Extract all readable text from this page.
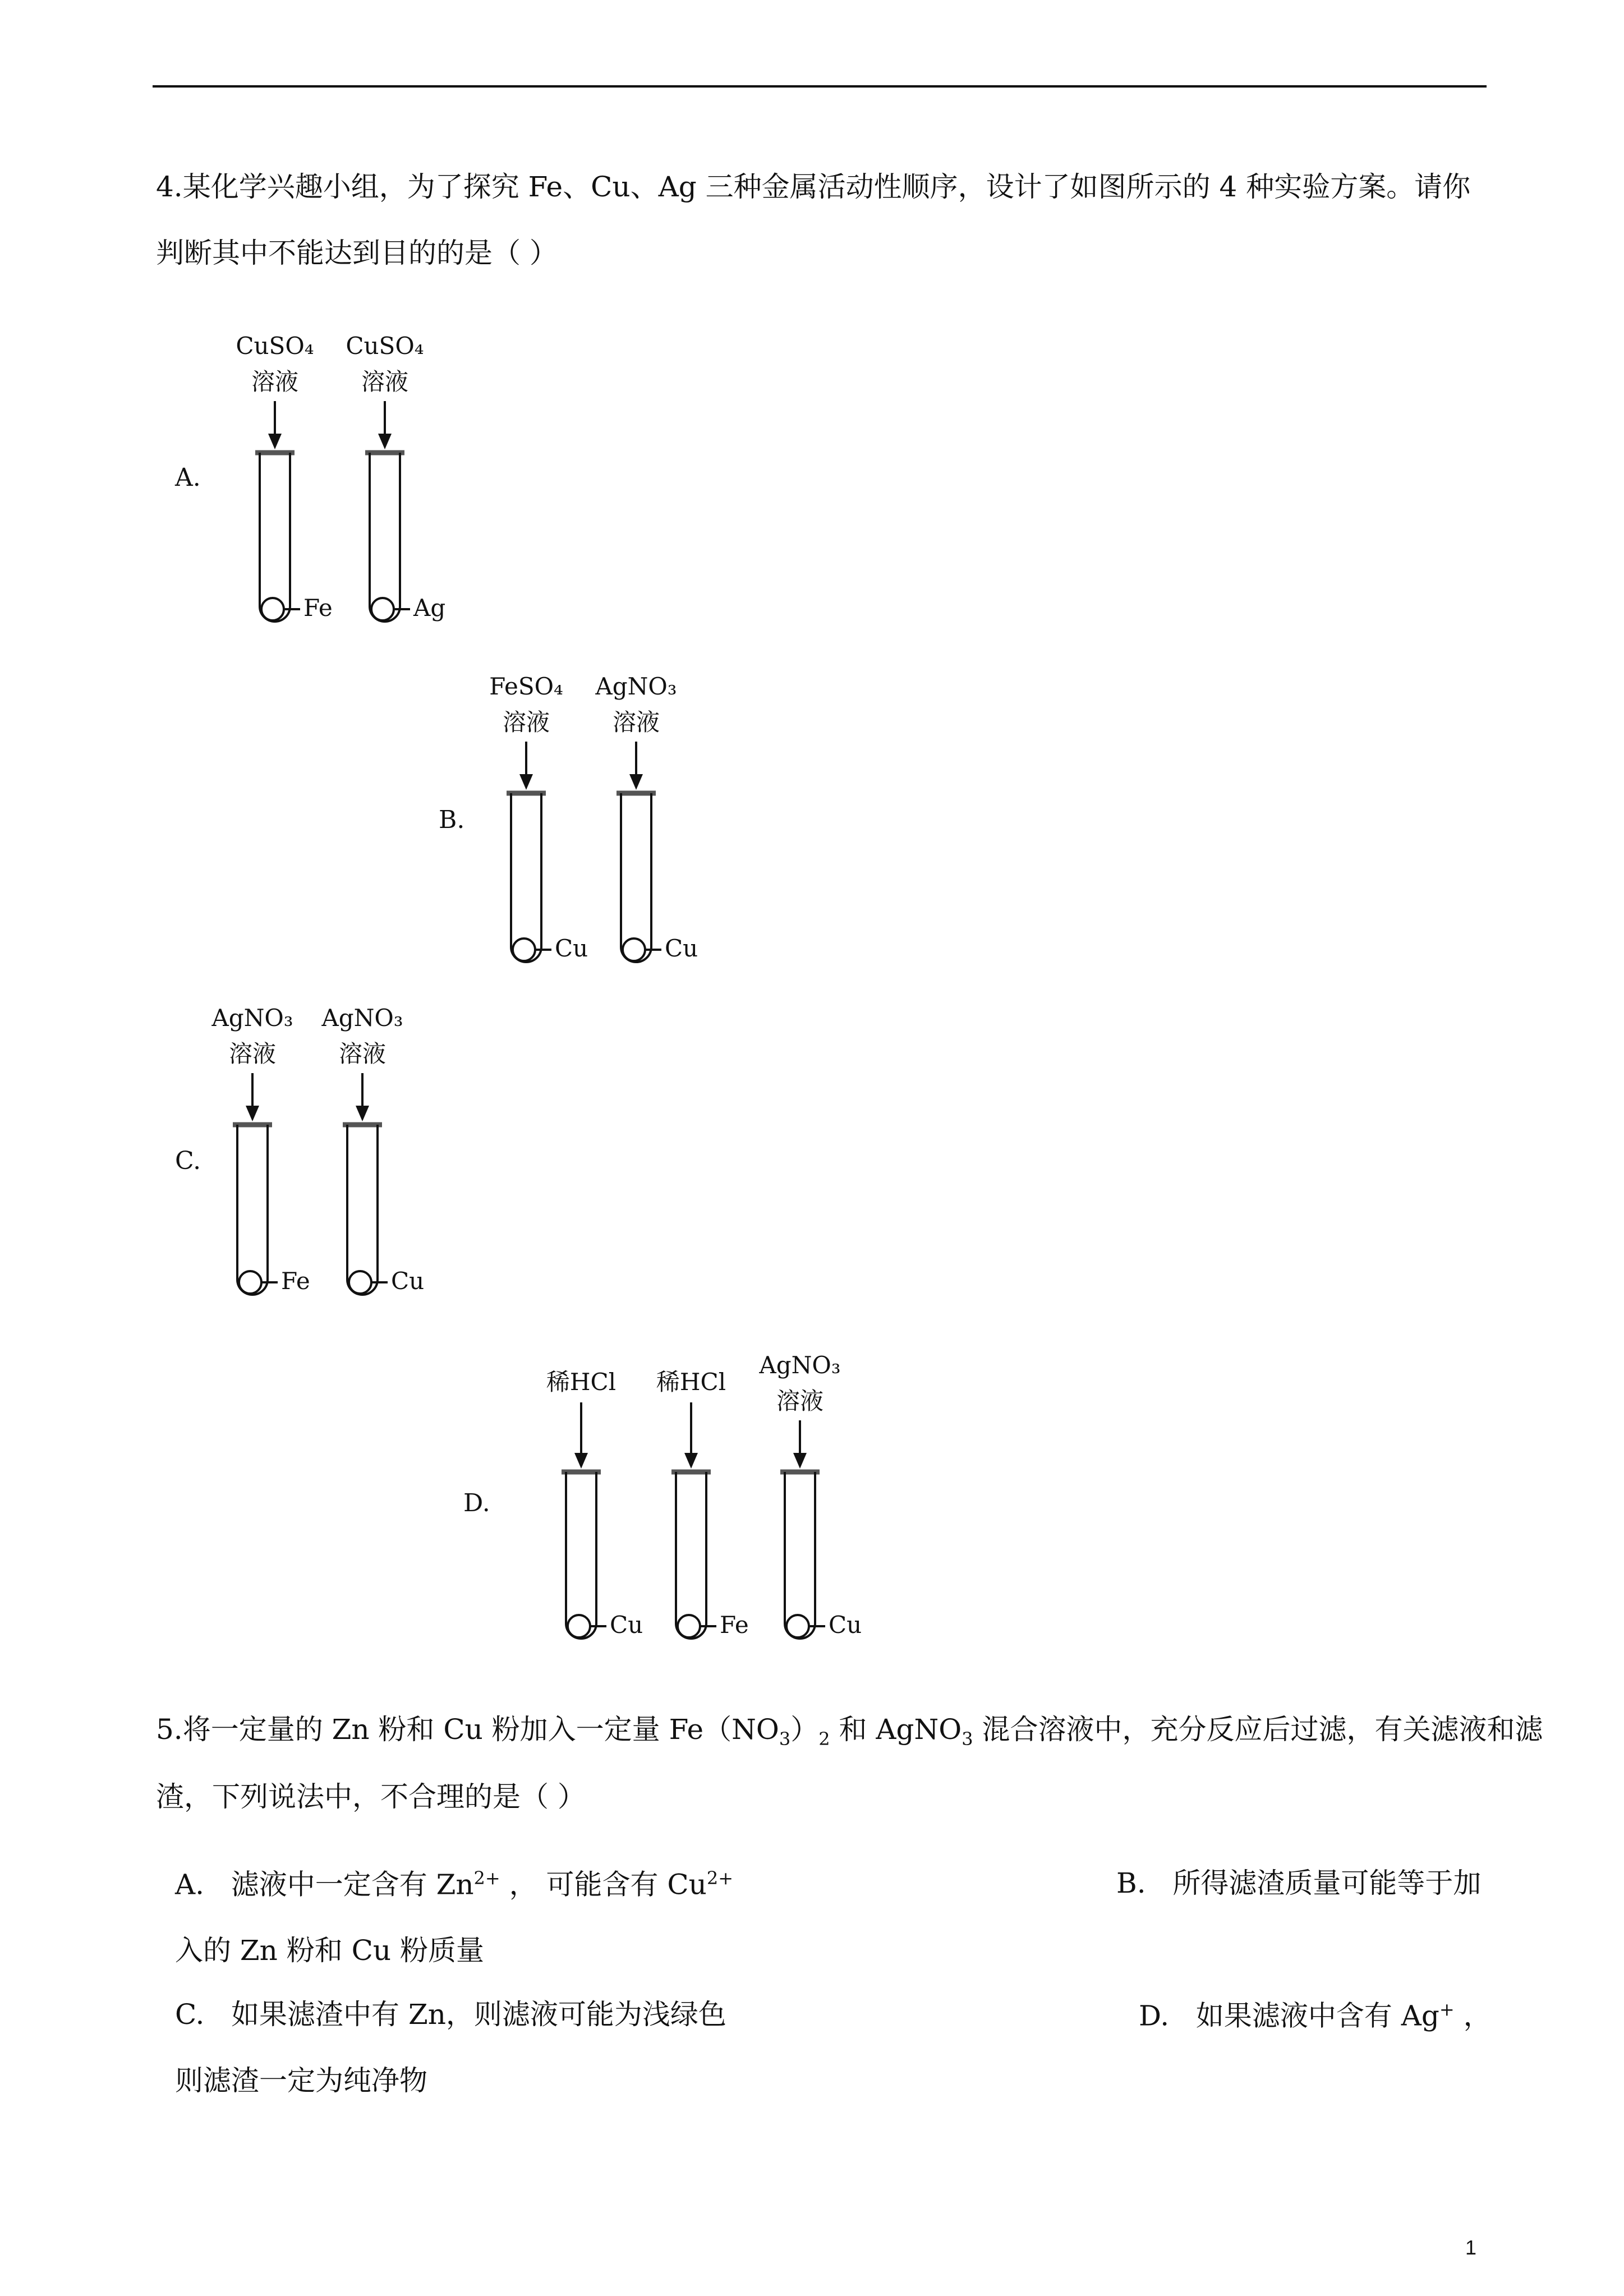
4.某化学兴趣小组，为了探究 Fe、Cu、Ag 三种金属活动性顺序，设计了如图所示的 4 种实验方案。请你
判断其中不能达到目的的是（ ）
A.
CuSO₄
溶液
Fe
CuSO₄
溶液
Ag
B.
FeSO₄
溶液
Cu
AgNO₃
溶液
Cu
C.
AgNO₃
溶液
Fe
AgNO₃
溶液
Cu
D.
稀HCl
Cu
稀HCl
Fe
AgNO₃
溶液
Cu
5.将一定量的 Zn 粉和 Cu 粉加入一定量 $Fe(NO_3)_2$ 和 AgNO$_3$ 混合溶液中，充分反应后过滤，有关滤液和滤
渣，下列说法中，不合理的是（ ）
A. 滤液中一定含有 $Zn^{2+}$ ， 可能含有 $Cu^{2+}$	B. 所得滤渣质量可能等于加
入的 Zn 粉和 Cu 粉质量
C. 如果滤渣中有 Zn，则滤液可能为浅绿色	D. 如果滤液中含有 Ag+ ，
则滤渣一定为纯净物
1
